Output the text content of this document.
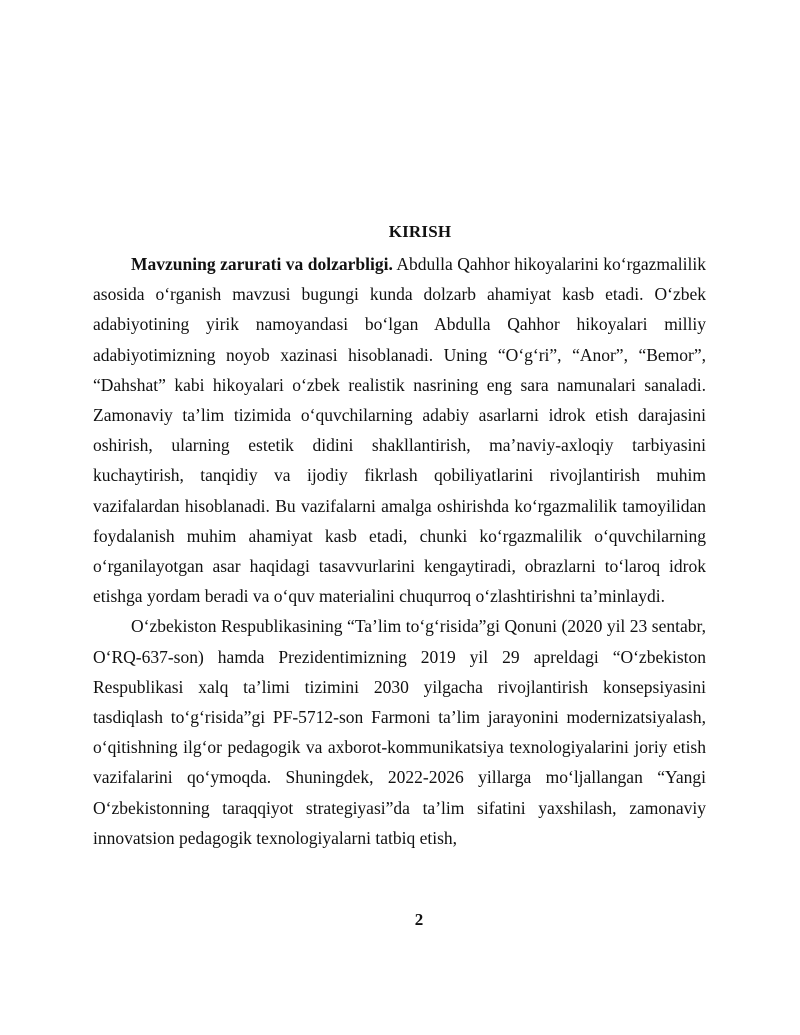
KIRISH

Mavzuning zarurati va dolzarbligi. Abdulla Qahhor hikoyalarini ko‘rgazmalilik asosida o‘rganish mavzusi bugungi kunda dolzarb ahamiyat kasb etadi. O‘zbek adabiyotining yirik namoyandasi bo‘lgan Abdulla Qahhor hikoyalari milliy adabiyotimizning noyob xazinasi hisoblanadi. Uning “O‘g‘ri”, “Anor”, “Bemor”, “Dahshat” kabi hikoyalari o‘zbek realistik nasrining eng sara namunalari sanaladi. Zamonaviy ta’lim tizimida o‘quvchilarning adabiy asarlarni idrok etish darajasini oshirish, ularning estetik didini shakllantirish, ma’naviy-axloqiy tarbiyasini kuchaytirish, tanqidiy va ijodiy fikrlash qobiliyatlarini rivojlantirish muhim vazifalardan hisoblanadi. Bu vazifalarni amalga oshirishda ko‘rgazmalilik tamoyilidan foydalanish muhim ahamiyat kasb etadi, chunki ko‘rgazmalilik o‘quvchilarning o‘rganilayotgan asar haqidagi tasavvurlarini kengaytiradi, obrazlarni to‘laroq idrok etishga yordam beradi va o‘quv materialini chuqurroq o‘zlashtirishni ta’minlaydi.

O‘zbekiston Respublikasining “Ta’lim to‘g‘risida”gi Qonuni (2020 yil 23 sentabr, O‘RQ-637-son) hamda Prezidentimizning 2019 yil 29 apreldagi “O‘zbekiston Respublikasi xalq ta’limi tizimini 2030 yilgacha rivojlantirish konsepsiyasini tasdiqlash to‘g‘risida”gi PF-5712-son Farmoni ta’lim jarayonini modernizatsiyalash, o‘qitishning ilg‘or pedagogik va axborot-kommunikatsiya texnologiyalarini joriy etish vazifalarini qo‘ymoqda. Shuningdek, 2022-2026 yillarga mo‘ljallangan “Yangi O‘zbekistonning taraqqiyot strategiyasi”da ta’lim sifatini yaxshilash, zamonaviy innovatsion pedagogik texnologiyalarni tatbiq etish,

2
